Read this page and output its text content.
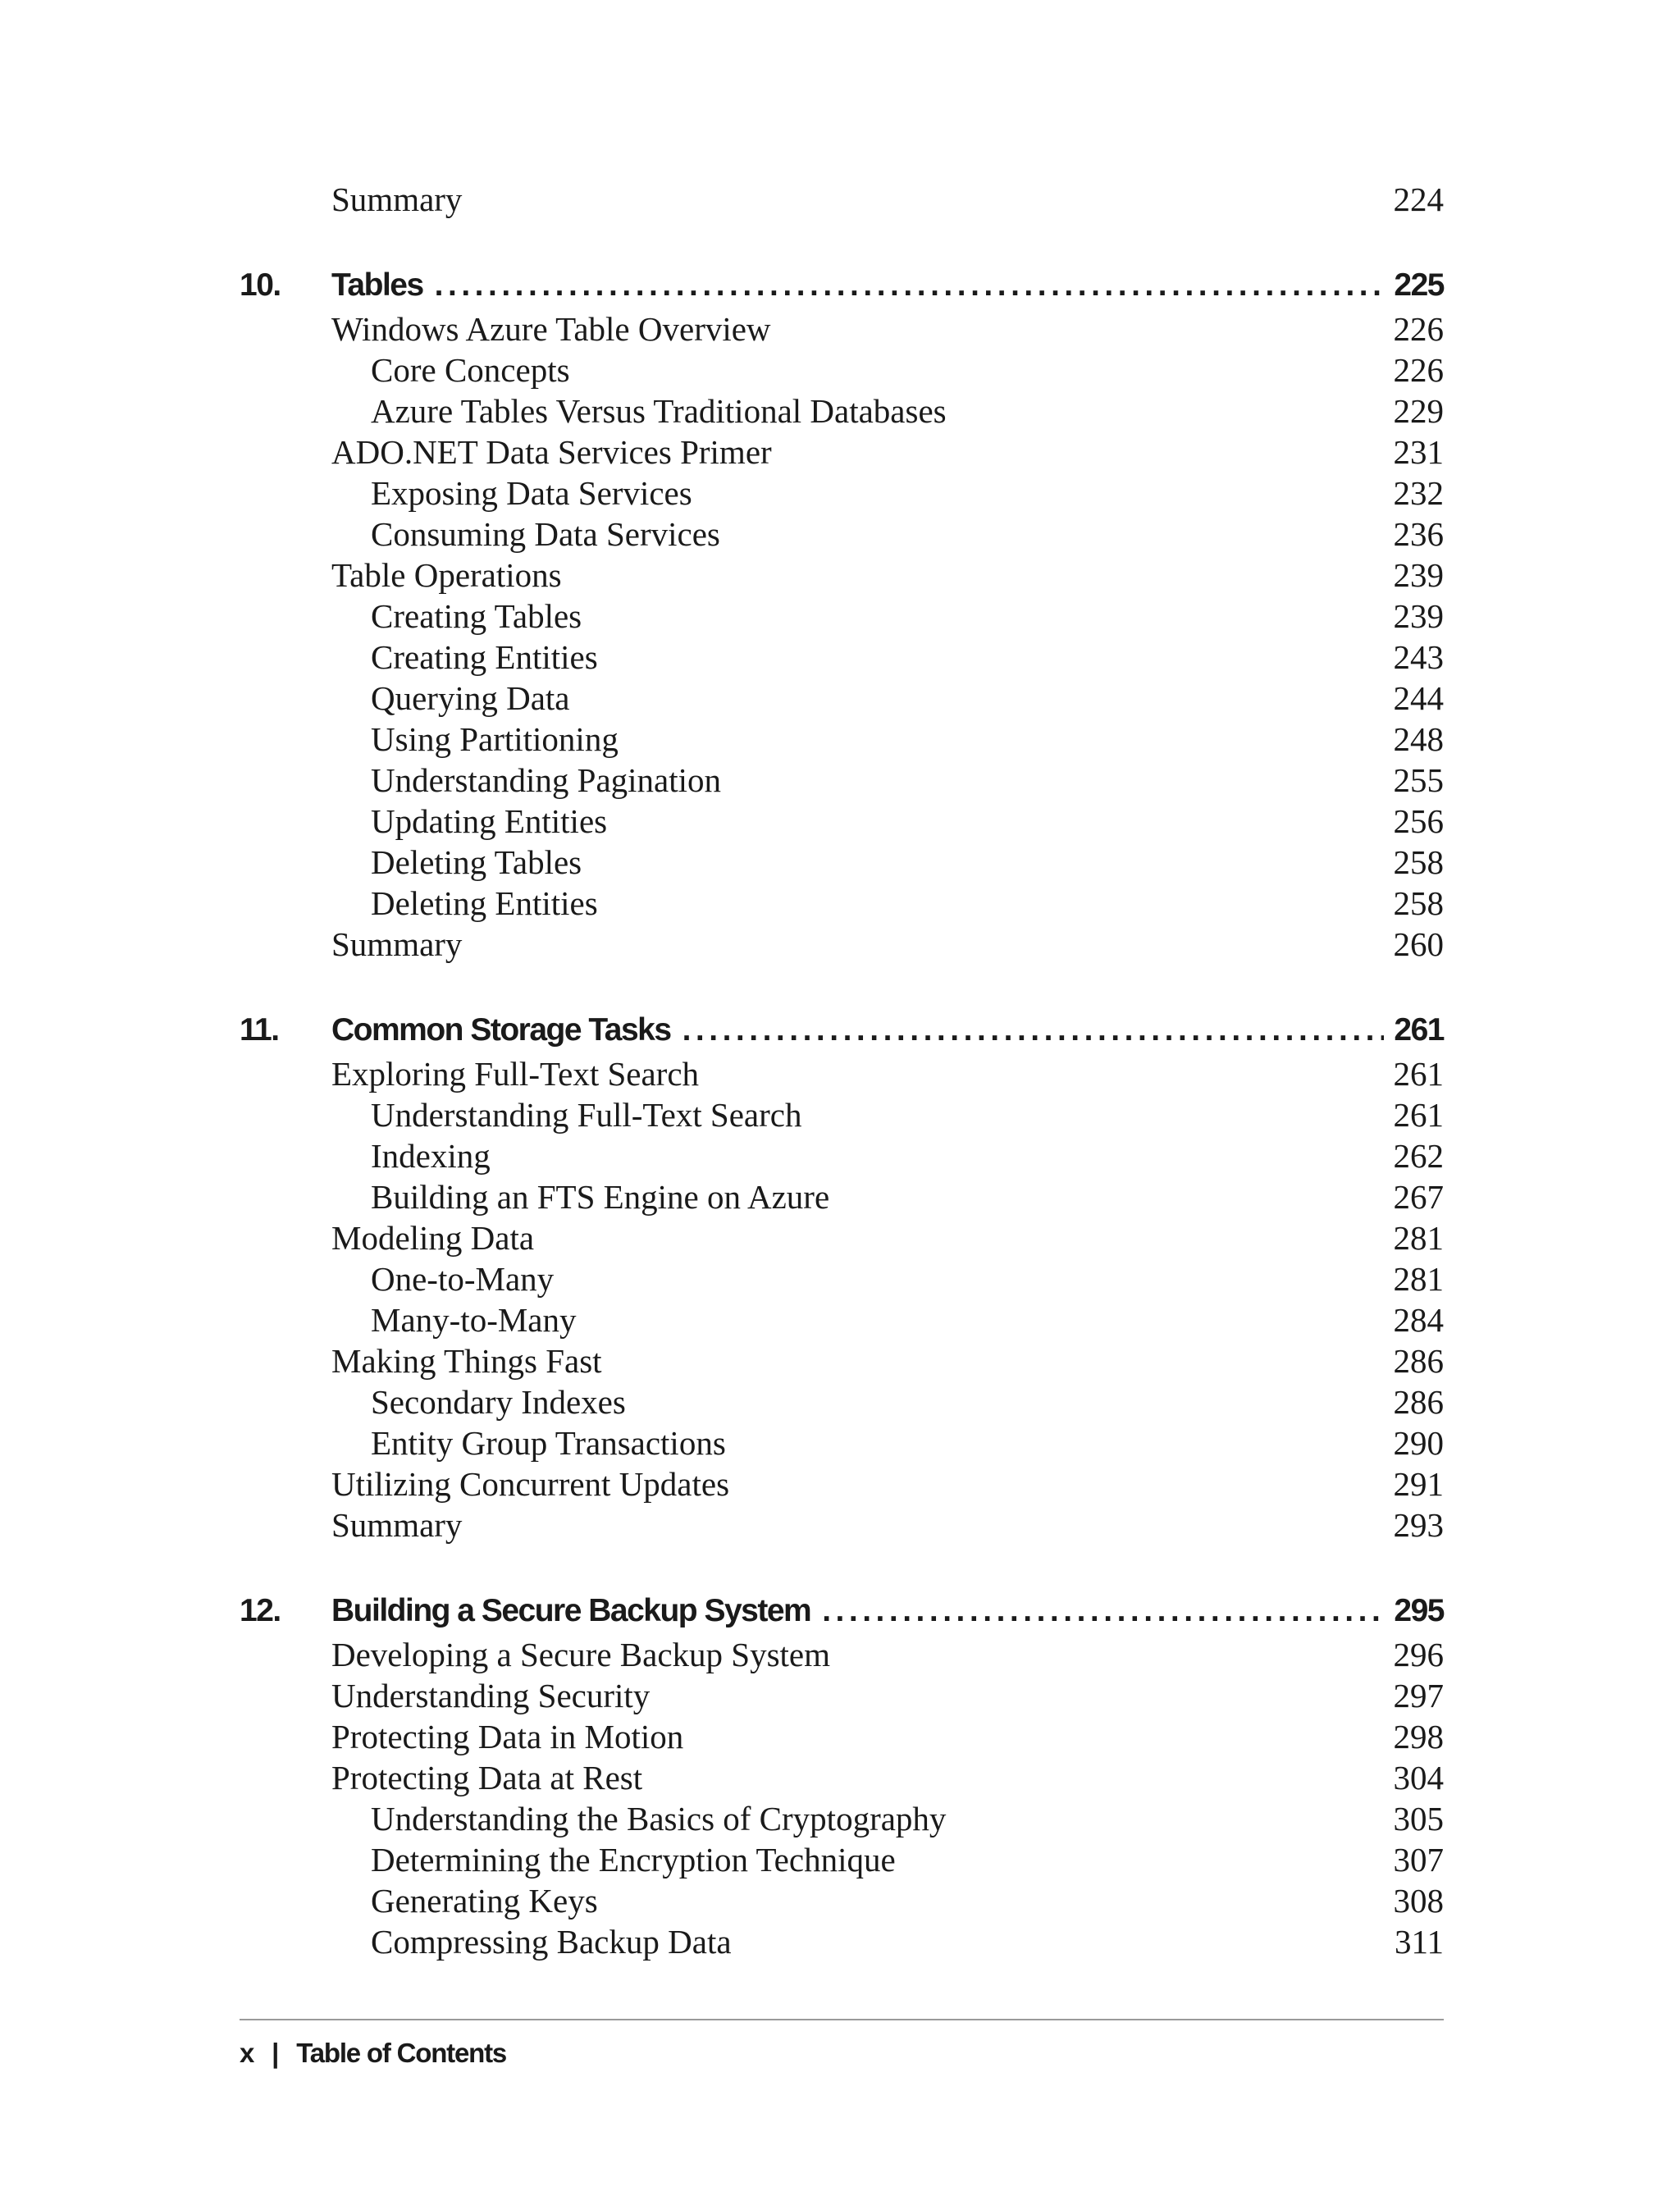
Summary	224
10. Tables .....	225
Windows Azure Table Overview	226
Core Concepts	226
Azure Tables Versus Traditional Databases	229
ADO.NET Data Services Primer	231
Exposing Data Services	232
Consuming Data Services	236
Table Operations	239
Creating Tables	239
Creating Entities	243
Querying Data	244
Using Partitioning	248
Understanding Pagination	255
Updating Entities	256
Deleting Tables	258
Deleting Entities	258
Summary	260
11. Common Storage Tasks .....	261
Exploring Full-Text Search	261
Understanding Full-Text Search	261
Indexing	262
Building an FTS Engine on Azure	267
Modeling Data	281
One-to-Many	281
Many-to-Many	284
Making Things Fast	286
Secondary Indexes	286
Entity Group Transactions	290
Utilizing Concurrent Updates	291
Summary	293
12. Building a Secure Backup System .....	295
Developing a Secure Backup System	296
Understanding Security	297
Protecting Data in Motion	298
Protecting Data at Rest	304
Understanding the Basics of Cryptography	305
Determining the Encryption Technique	307
Generating Keys	308
Compressing Backup Data	311
x | Table of Contents
